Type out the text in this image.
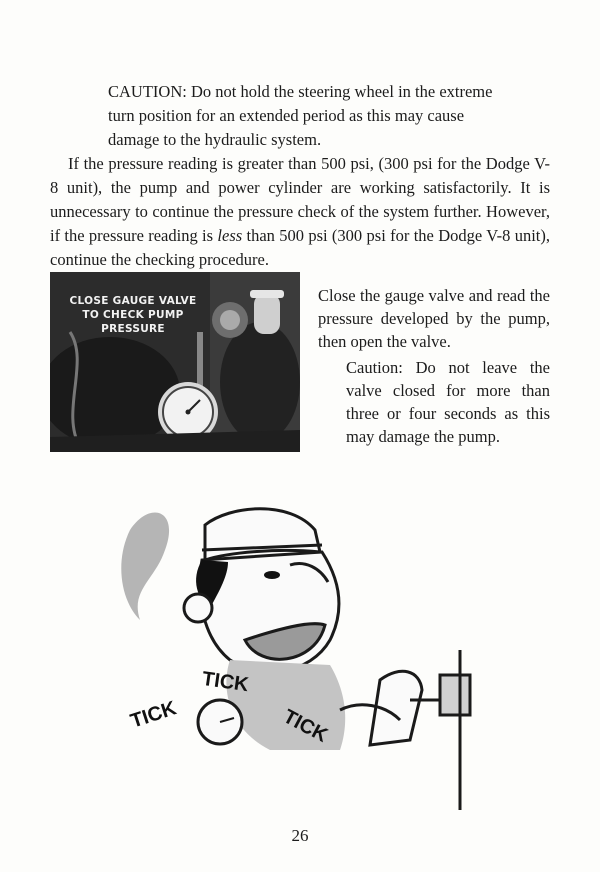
CAUTION: Do not hold the steering wheel in the extreme turn position for an extended period as this may cause damage to the hydraulic system.
If the pressure reading is greater than 500 psi, (300 psi for the Dodge V-8 unit), the pump and power cylinder are working satisfactorily. It is unnecessary to continue the pressure check of the system further. However, if the pressure reading is less than 500 psi (300 psi for the Dodge V-8 unit), continue the checking procedure.
CLOSE GAUGE VALVE
TO CHECK PUMP
PRESSURE
Close the gauge valve and read the pressure developed by the pump, then open the valve.
Caution: Do not leave the valve closed for more than three or four seconds as this may damage the pump.
TICK
TICK
TICK
26
